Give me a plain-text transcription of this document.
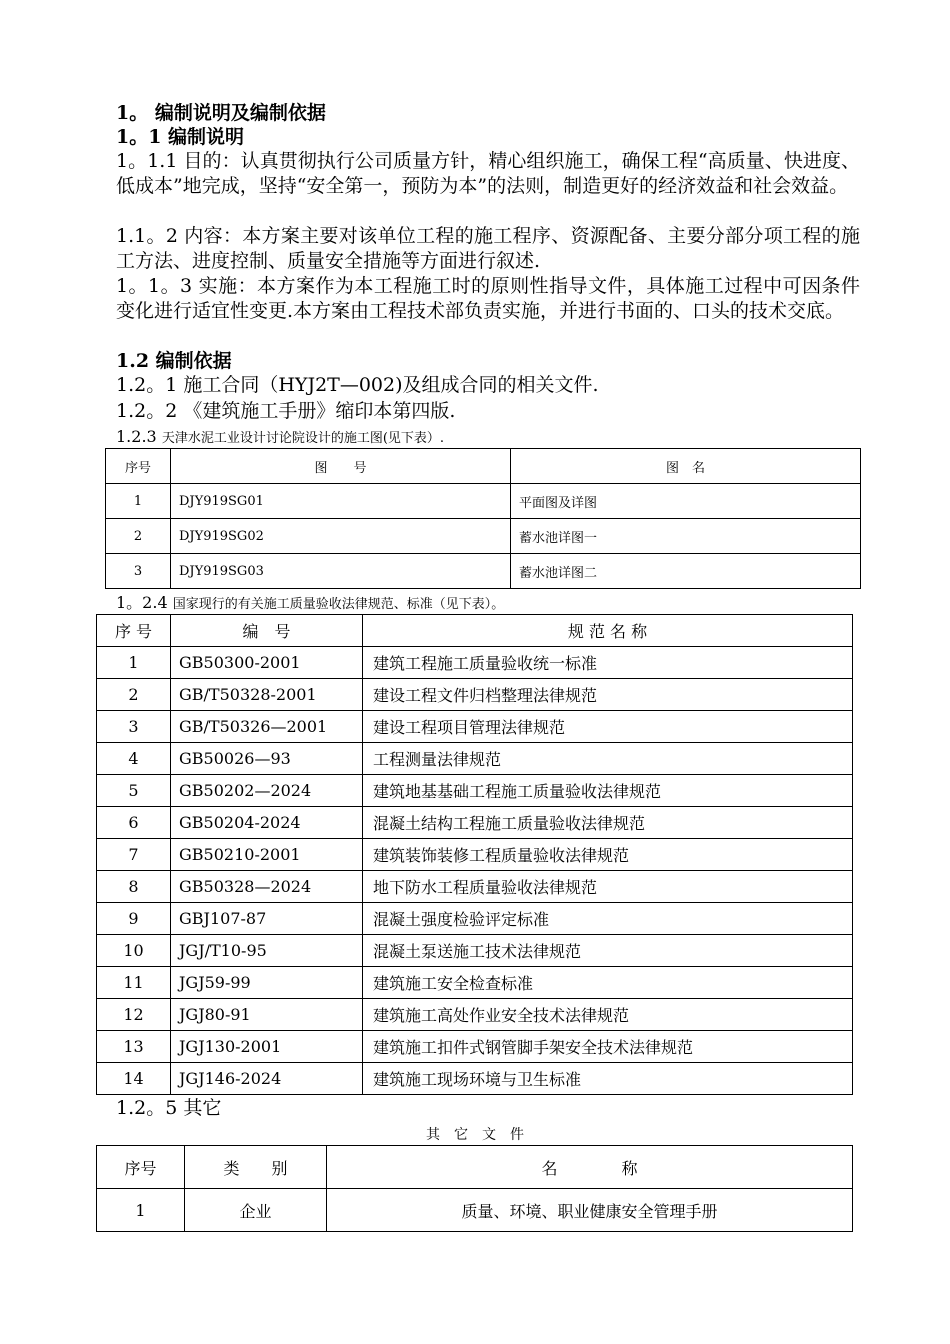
1。 编制说明及编制依据
1。1 编制说明
1。1.1 目的：认真贯彻执行公司质量方针，精心组织施工，确保工程“高质量、快进度、低成本”地完成，坚持“安全第一，预防为本”的法则，制造更好的经济效益和社会效益。
1.1。2 内容：本方案主要对该单位工程的施工程序、资源配备、主要分部分项工程的施工方法、进度控制、质量安全措施等方面进行叙述.
1。1。3 实施：本方案作为本工程施工时的原则性指导文件，具体施工过程中可因条件变化进行适宜性变更.本方案由工程技术部负责实施，并进行书面的、口头的技术交底。
1.2 编制依据
1.2。1 施工合同（HYJ2T—002)及组成合同的相关文件.
1.2。2 《建筑施工手册》缩印本第四版.
1.2.3 天津水泥工业设计讨论院设计的施工图(见下表）.
序号	图　　号	图　名
1	DJY919SG01	平面图及详图
2	DJY919SG02	蓄水池详图一
3	DJY919SG03	蓄水池详图二
1。2.4 国家现行的有关施工质量验收法律规范、标准（见下表）。
序 号	编　号	规 范 名 称
1	GB50300-2001	建筑工程施工质量验收统一标准
2	GB/T50328-2001	建设工程文件归档整理法律规范
3	GB/T50326—2001	建设工程项目管理法律规范
4	GB50026—93	工程测量法律规范
5	GB50202—2024	建筑地基基础工程施工质量验收法律规范
6	GB50204-2024	混凝土结构工程施工质量验收法律规范
7	GB50210-2001	建筑装饰装修工程质量验收法律规范
8	GB50328—2024	地下防水工程质量验收法律规范
9	GBJ107-87	混凝土强度检验评定标准
10	JGJ/T10-95	混凝土泵送施工技术法律规范
11	JGJ59-99	建筑施工安全检查标准
12	JGJ80-91	建筑施工高处作业安全技术法律规范
13	JGJ130-2001	建筑施工扣件式钢管脚手架安全技术法律规范
14	JGJ146-2024	建筑施工现场环境与卫生标准
1.2。5 其它
其　它　文　件
序号	类　　别	名　　　　称
1	企业	质量、环境、职业健康安全管理手册
